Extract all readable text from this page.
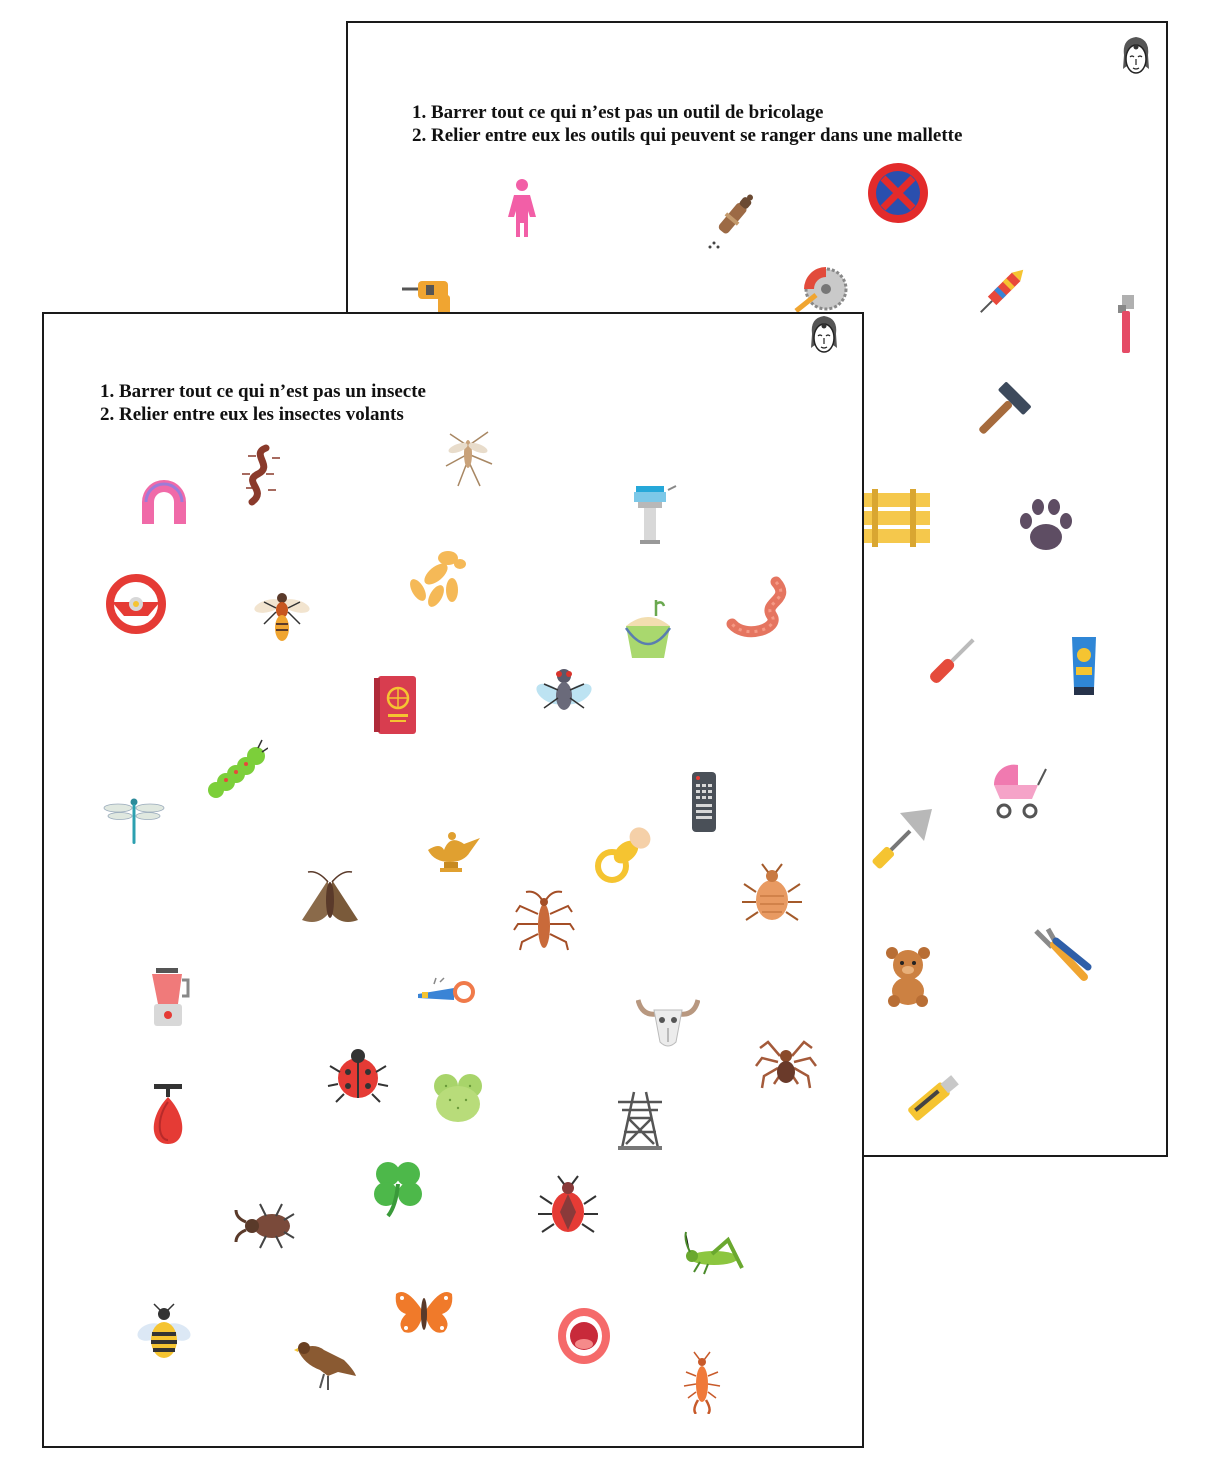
1. Barrer tout ce qui n’est pas un outil de bricolage
2. Relier entre eux les outils qui peuvent se ranger dans une mallette
1. Barrer tout ce qui n’est pas un insecte
2. Relier entre eux les insectes volants
